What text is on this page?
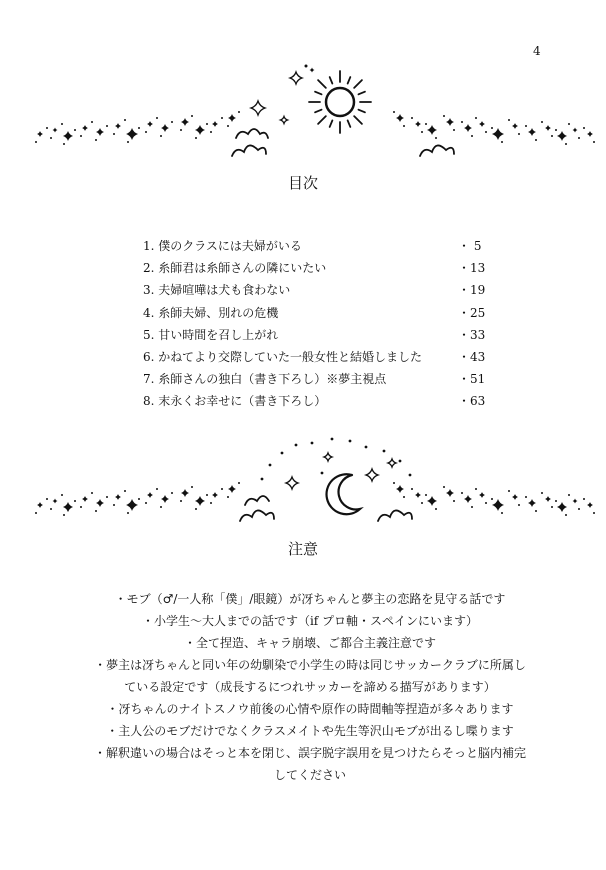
4
目次
1. 僕のクラスには夫婦がいる	・ 5
2. 糸師君は糸師さんの隣にいたい	・13
3. 夫婦喧嘩は犬も食わない	・19
4. 糸師夫婦、別れの危機	・25
5. 甘い時間を召し上がれ	・33
6. かねてより交際していた一般女性と結婚しました	・43
7. 糸師さんの独白（書き下ろし）※夢主視点	・51
8. 末永くお幸せに（書き下ろし）	・63
注意
・モブ（♂/一人称「僕」/眼鏡）が冴ちゃんと夢主の恋路を見守る話です
・小学生〜大人までの話です（if プロ軸・スペインにいます）
・全て捏造、キャラ崩壊、ご都合主義注意です
・夢主は冴ちゃんと同い年の幼馴染で小学生の時は同じサッカークラブに所属し
ている設定です（成長するにつれサッカーを諦める描写があります）
・冴ちゃんのナイトスノウ前後の心情や原作の時間軸等捏造が多々あります
・主人公のモブだけでなくクラスメイトや先生等沢山モブが出るし喋ります
・解釈違いの場合はそっと本を閉じ、誤字脱字誤用を見つけたらそっと脳内補完
してください
